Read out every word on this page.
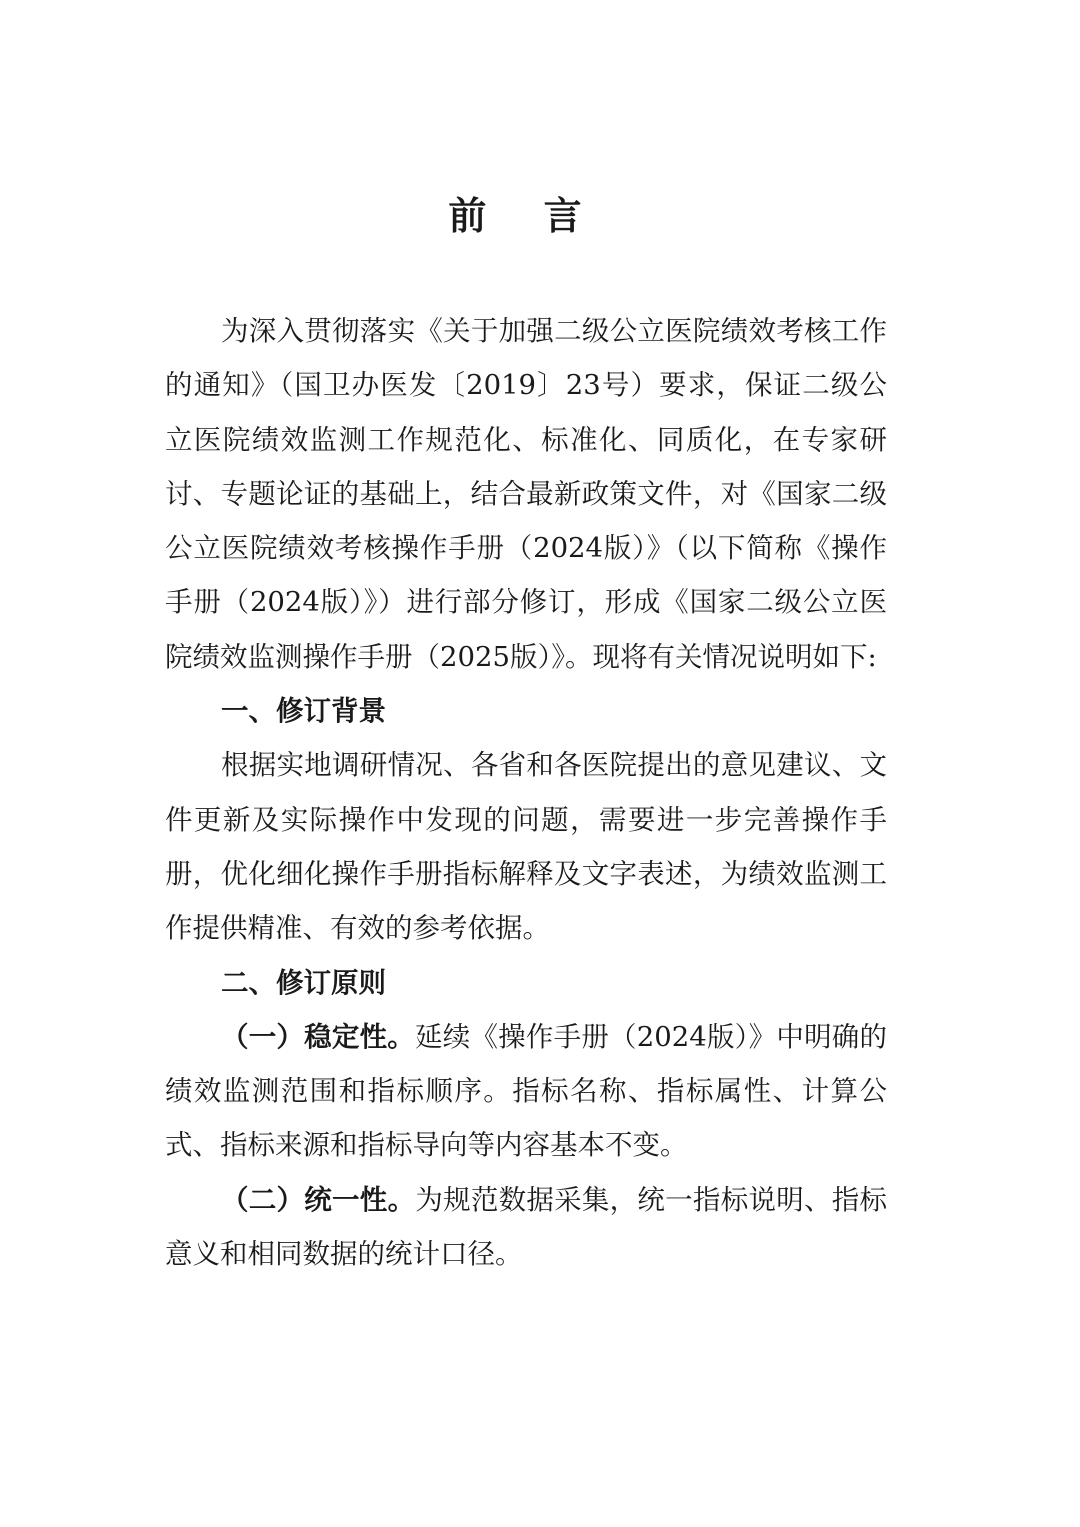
前 言

为深入贯彻落实《关于加强二级公立医院绩效考核工作的通知》（国卫办医发〔2019〕23号）要求，保证二级公立医院绩效监测工作规范化、标准化、同质化，在专家研讨、专题论证的基础上，结合最新政策文件，对《国家二级公立医院绩效考核操作手册（2024版）》（以下简称《操作手册（2024版）》）进行部分修订，形成《国家二级公立医院绩效监测操作手册（2025版）》。现将有关情况说明如下:

一、修订背景

根据实地调研情况、各省和各医院提出的意见建议、文件更新及实际操作中发现的问题，需要进一步完善操作手册，优化细化操作手册指标解释及文字表述，为绩效监测工作提供精准、有效的参考依据。

二、修订原则

（一）稳定性。延续《操作手册（2024版）》中明确的绩效监测范围和指标顺序。指标名称、指标属性、计算公式、指标来源和指标导向等内容基本不变。

（二）统一性。为规范数据采集，统一指标说明、指标意义和相同数据的统计口径。
